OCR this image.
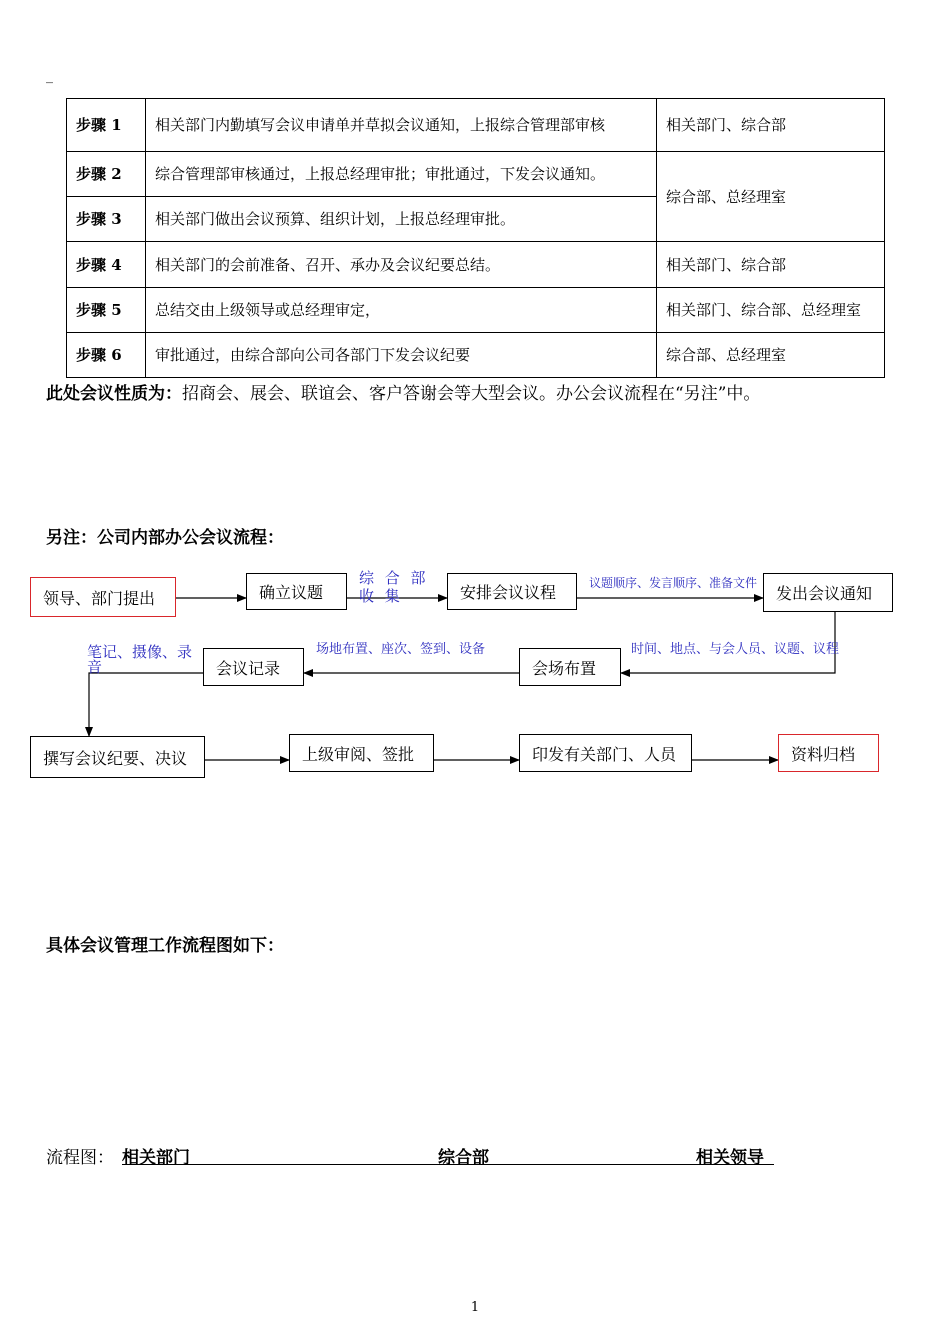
_
步骤 1	相关部门内勤填写会议申请单并草拟会议通知，上报综合管理部审核	相关部门、综合部
步骤 2	综合管理部审核通过，上报总经理审批；审批通过，下发会议通知。	综合部、总经理室
步骤 3	相关部门做出会议预算、组织计划，上报总经理审批。	
步骤 4	相关部门的会前准备、召开、承办及会议纪要总结。	相关部门、综合部
步骤 5	总结交由上级领导或总经理审定，	相关部门、综合部、总经理室
步骤 6	审批通过，由综合部向公司各部门下发会议纪要	综合部、总经理室
此处会议性质为：招商会、展会、联谊会、客户答谢会等大型会议。办公会议流程在“另注”中。
另注：公司内部办公会议流程：
领导、部门提出	确立议题	安排会议议程	发出会议通知
会议记录	会场布置
撰写会议纪要、决议	上级审阅、签批	印发有关部门、人员	资料归档
综 合 部 收 集
议题顺序、发言顺序、准备文件
时间、地点、与会人员、议题、议程
场地布置、座次、签到、设备
笔记、摄像、录音
具体会议管理工作流程图如下：
流程图： 相关部门	综合部	相关领导
1
